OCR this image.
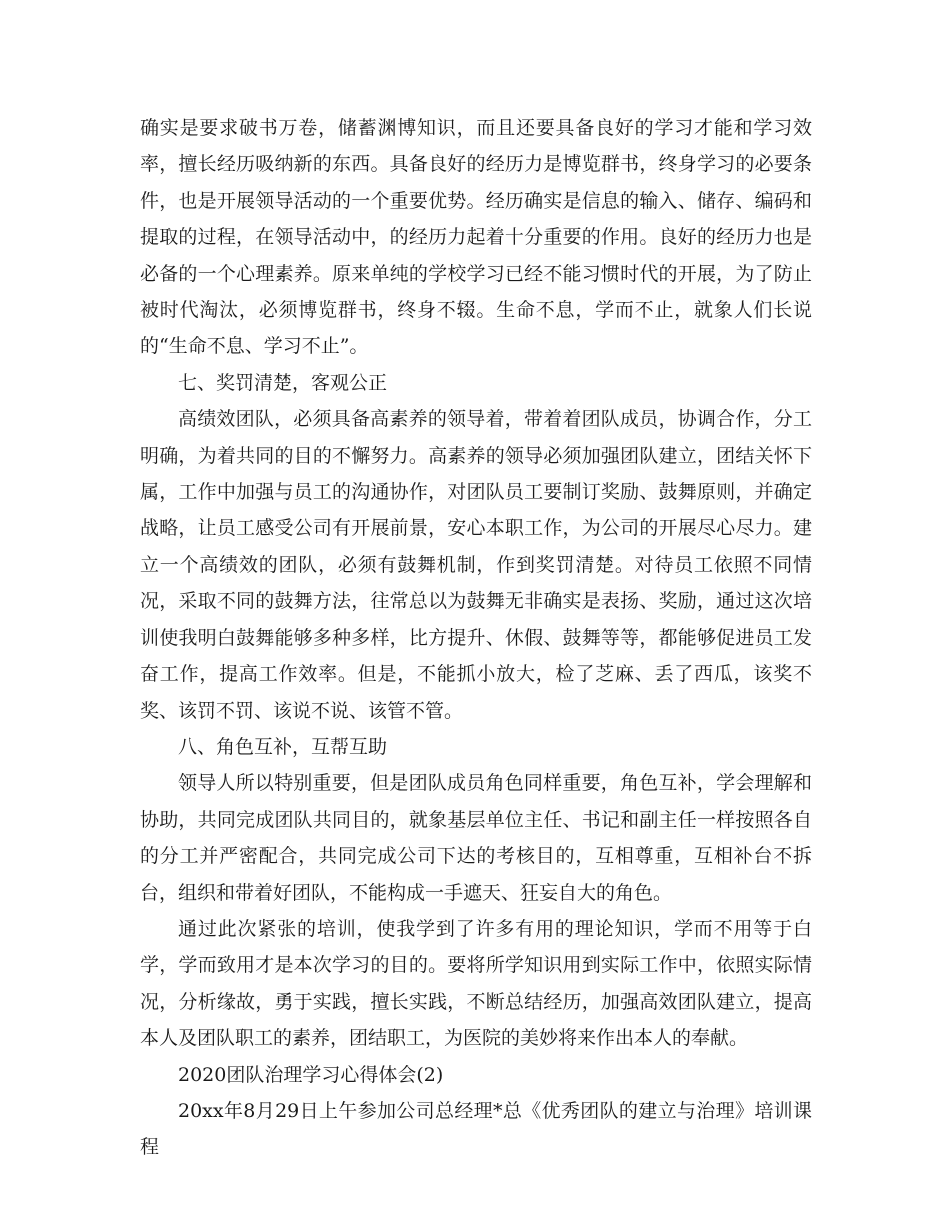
确实是要求破书万卷，储蓄渊博知识，而且还要具备良好的学习才能和学习效率，擅长经历吸纳新的东西。具备良好的经历力是博览群书，终身学习的必要条件，也是开展领导活动的一个重要优势。经历确实是信息的输入、储存、编码和提取的过程，在领导活动中，的经历力起着十分重要的作用。良好的经历力也是必备的一个心理素养。原来单纯的学校学习已经不能习惯时代的开展，为了防止被时代淘汰，必须博览群书，终身不辍。生命不息，学而不止，就象人们长说的“生命不息、学习不止”。

七、奖罚清楚，客观公正

高绩效团队，必须具备高素养的领导着，带着着团队成员，协调合作，分工明确，为着共同的目的不懈努力。高素养的领导必须加强团队建立，团结关怀下属，工作中加强与员工的沟通协作，对团队员工要制订奖励、鼓舞原则，并确定战略，让员工感受公司有开展前景，安心本职工作，为公司的开展尽心尽力。建立一个高绩效的团队，必须有鼓舞机制，作到奖罚清楚。对待员工依照不同情况，采取不同的鼓舞方法，往常总以为鼓舞无非确实是表扬、奖励，通过这次培训使我明白鼓舞能够多种多样，比方提升、休假、鼓舞等等，都能够促进员工发奋工作，提高工作效率。但是，不能抓小放大，检了芝麻、丢了西瓜，该奖不奖、该罚不罚、该说不说、该管不管。

八、角色互补，互帮互助

领导人所以特别重要，但是团队成员角色同样重要，角色互补，学会理解和协助，共同完成团队共同目的，就象基层单位主任、书记和副主任一样按照各自的分工并严密配合，共同完成公司下达的考核目的，互相尊重，互相补台不拆台，组织和带着好团队，不能构成一手遮天、狂妄自大的角色。

通过此次紧张的培训，使我学到了许多有用的理论知识，学而不用等于白学，学而致用才是本次学习的目的。要将所学知识用到实际工作中，依照实际情况，分析缘故，勇于实践，擅长实践，不断总结经历，加强高效团队建立，提高本人及团队职工的素养，团结职工，为医院的美妙将来作出本人的奉献。

2020团队治理学习心得体会(2)

20xx年8月29日上午参加公司总经理*总《优秀团队的建立与治理》培训课程
